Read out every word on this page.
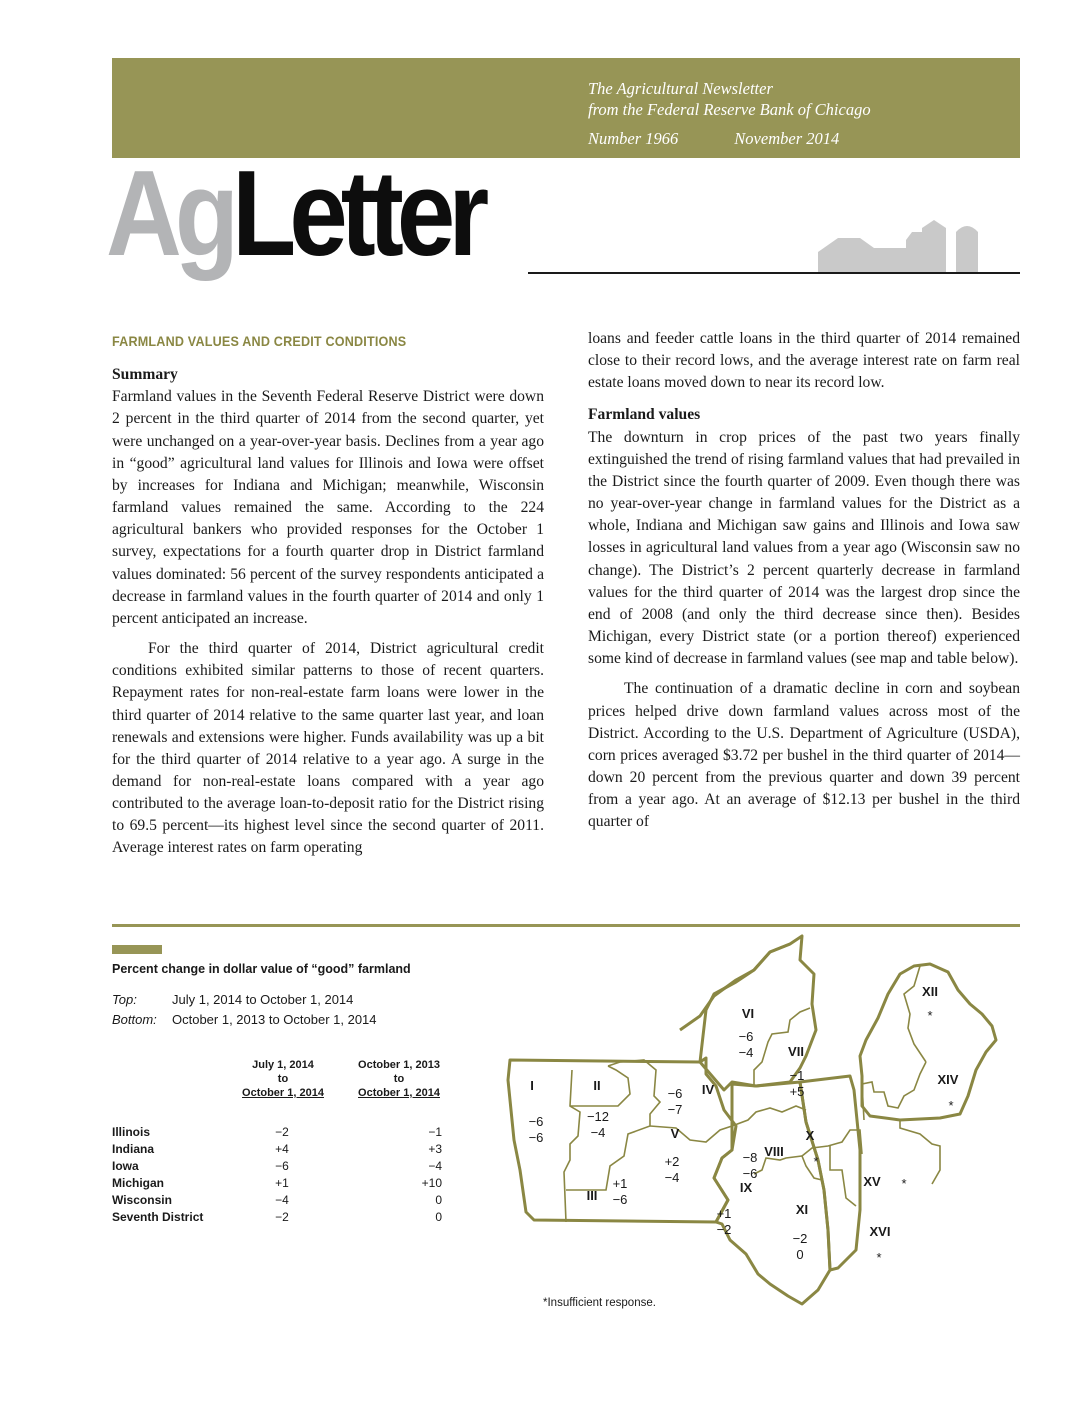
The Agricultural Newsletter
from the Federal Reserve Bank of Chicago
Number 1966	November 2014
AgLetter
FARMLAND VALUES AND CREDIT CONDITIONS

Summary

Farmland values in the Seventh Federal Reserve District were down 2 percent in the third quarter of 2014 from the second quarter, yet were unchanged on a year-over-year basis. Declines from a year ago in “good” agricultural land values for Illinois and Iowa were offset by increases for Indiana and Michigan; meanwhile, Wisconsin farmland values remained the same. According to the 224 agricultural bankers who provided responses for the October 1 survey, expectations for a fourth quarter drop in District farmland values dominated: 56 percent of the survey respondents anticipated a decrease in farmland values in the fourth quarter of 2014 and only 1 percent anticipated an increase.

For the third quarter of 2014, District agricultural credit conditions exhibited similar patterns to those of recent quarters. Repayment rates for non-real-estate farm loans were lower in the third quarter of 2014 relative to the same quarter last year, and loan renewals and extensions were higher. Funds availability was up a bit for the third quarter of 2014 relative to a year ago. A surge in the demand for non-real-estate loans compared with a year ago contributed to the average loan-to-deposit ratio for the District rising to 69.5 percent—its highest level since the second quarter of 2011. Average interest rates on farm operating

loans and feeder cattle loans in the third quarter of 2014 remained close to their record lows, and the average interest rate on farm real estate loans moved down to near its record low.

Farmland values

The downturn in crop prices of the past two years finally extinguished the trend of rising farmland values that had prevailed in the District since the fourth quarter of 2009. Even though there was no year-over-year change in farmland values for the District as a whole, Indiana and Michigan saw gains and Illinois and Iowa saw losses in agricultural land values from a year ago (Wisconsin saw no change). The District’s 2 percent quarterly decrease in farmland values for the third quarter of 2014 was the largest drop since the end of 2008 (and only the third decrease since then). Besides Michigan, every District state (or a portion thereof) experienced some kind of decrease in farmland values (see map and table below).

The continuation of a dramatic decline in corn and soybean prices helped drive down farmland values across most of the District. According to the U.S. Department of Agriculture (USDA), corn prices averaged $3.72 per bushel in the third quarter of 2014—down 20 percent from the previous quarter and down 39 percent from a year ago. At an average of $12.13 per bushel in the third quarter of

Percent change in dollar value of “good” farmland
Top:	July 1, 2014 to October 1, 2014
Bottom:	October 1, 2013 to October 1, 2014
July 1, 2014
to
October 1, 2014
October 1, 2013
to
October 1, 2014
Illinois	−2	−1
Indiana	+4	+3
Iowa	−6	−4
Michigan	+1	+10
Wisconsin	−4	0
Seventh District	−2	0
I
−6
−6
II
−12
−4
III
+1
−6
IV
−6
−7
V
+2
−4
VI
−6
−4	VII
−1
+5
VIII
−8
−6
IX
+1
−2
X
*
XI
−2
0
XII
*
XIV
*
XV *
XVI
*
*Insufficient response.
